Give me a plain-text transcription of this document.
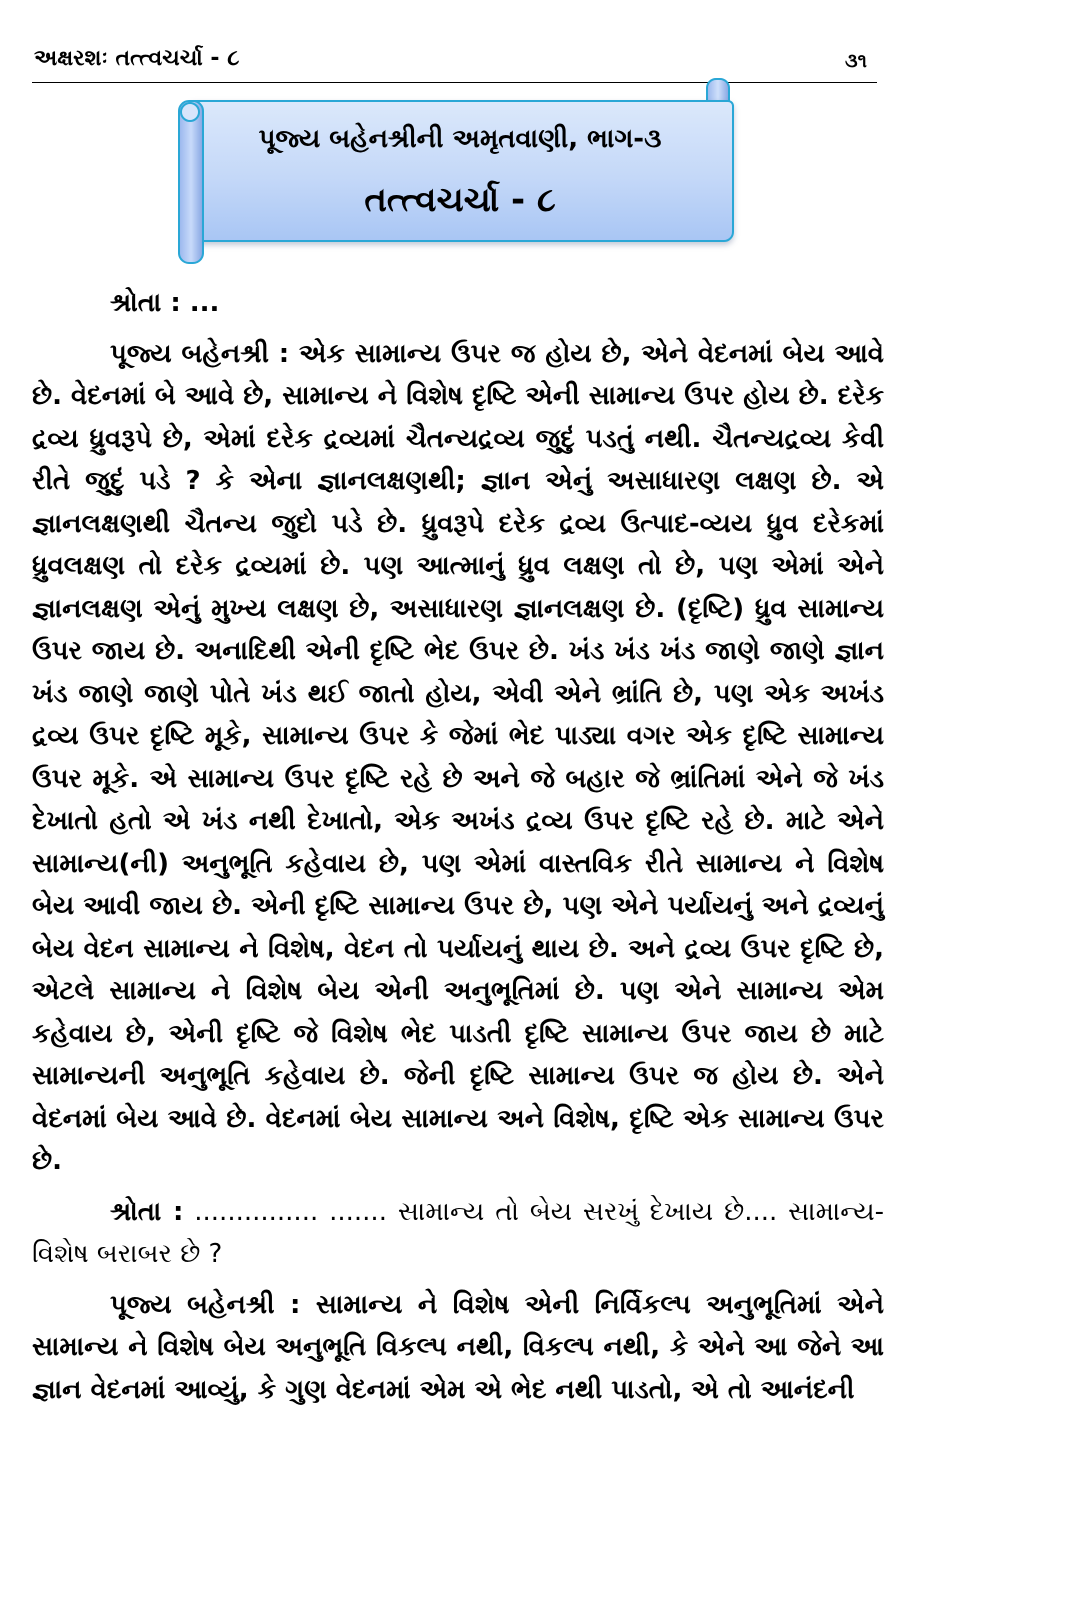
અક્ષરશઃ તત્ત્વચર્ચા - ૮	૩૧
પૂજ્ય બહેનશ્રીની અમૃતવાણી, ભાગ-૩
તત્ત્વચર્ચા - ૮

શ્રોતા : ...

પૂજ્ય બહેનશ્રી : એક સામાન્ય ઉપર જ હોય છે, એને વેદનમાં બેય આવે છે. વેદનમાં બે આવે છે, સામાન્ય ને વિશેષ દૃષ્ટિ એની સામાન્ય ઉપર હોય છે. દરેક દ્રવ્ય ધ્રુવરૂપે છે, એમાં દરેક દ્રવ્યમાં ચૈતન્યદ્રવ્ય જુદું પડતું નથી. ચૈતન્યદ્રવ્ય કેવી રીતે જુદું પડે ? કે એના જ્ઞાનલક્ષણથી; જ્ઞાન એનું અસાધારણ લક્ષણ છે. એ જ્ઞાનલક્ષણથી ચૈતન્ય જુદો પડે છે. ધ્રુવરૂપે દરેક દ્રવ્ય ઉત્પાદ-વ્યય ધ્રુવ દરેકમાં ધ્રુવલક્ષણ તો દરેક દ્રવ્યમાં છે. પણ આત્માનું ધ્રુવ લક્ષણ તો છે, પણ એમાં એને જ્ઞાનલક્ષણ એનું મુખ્ય લક્ષણ છે, અસાધારણ જ્ઞાનલક્ષણ છે. (દૃષ્ટિ) ધ્રુવ સામાન્ય ઉપર જાય છે. અનાદિથી એની દૃષ્ટિ ભેદ ઉપર છે. ખંડ ખંડ ખંડ જાણે જાણે જ્ઞાન ખંડ જાણે જાણે પોતે ખંડ થઈ જાતો હોય, એવી એને ભ્રાંતિ છે, પણ એક અખંડ દ્રવ્ય ઉપર દૃષ્ટિ મૂકે, સામાન્ય ઉપર કે જેમાં ભેદ પાડ્યા વગર એક દૃષ્ટિ સામાન્ય ઉપર મૂકે. એ સામાન્ય ઉપર દૃષ્ટિ રહે છે અને જે બહાર જે ભ્રાંતિમાં એને જે ખંડ દેખાતો હતો એ ખંડ નથી દેખાતો, એક અખંડ દ્રવ્ય ઉપર દૃષ્ટિ રહે છે. માટે એને સામાન્ય(ની) અનુભૂતિ કહેવાય છે, પણ એમાં વાસ્તવિક રીતે સામાન્ય ને વિશેષ બેય આવી જાય છે. એની દૃષ્ટિ સામાન્ય ઉપર છે, પણ એને પર્યાયનું અને દ્રવ્યનું બેય વેદન સામાન્ય ને વિશેષ, વેદન તો પર્યાયનું થાય છે. અને દ્રવ્ય ઉપર દૃષ્ટિ છે, એટલે સામાન્ય ને વિશેષ બેય એની અનુભૂતિમાં છે. પણ એને સામાન્ય એમ કહેવાય છે, એની દૃષ્ટિ જે વિશેષ ભેદ પાડતી દૃષ્ટિ સામાન્ય ઉપર જાય છે માટે સામાન્યની અનુભૂતિ કહેવાય છે. જેની દૃષ્ટિ સામાન્ય ઉપર જ હોય છે. એને વેદનમાં બેય આવે છે. વેદનમાં બેય સામાન્ય અને વિશેષ, દૃષ્ટિ એક સામાન્ય ઉપર છે.

શ્રોતા : ............... ....... સામાન્ય તો બેય સરખું દેખાય છે.... સામાન્ય-વિશેષ બરાબર છે ?

પૂજ્ય બહેનશ્રી : સામાન્ય ને વિશેષ એની નિર્વિકલ્પ અનુભૂતિમાં એને સામાન્ય ને વિશેષ બેય અનુભૂતિ વિકલ્પ નથી, વિકલ્પ નથી, કે એને આ જેને આ જ્ઞાન વેદનમાં આવ્યું, કે ગુણ વેદનમાં એમ એ ભેદ નથી પાડતો, એ તો આનંદની
